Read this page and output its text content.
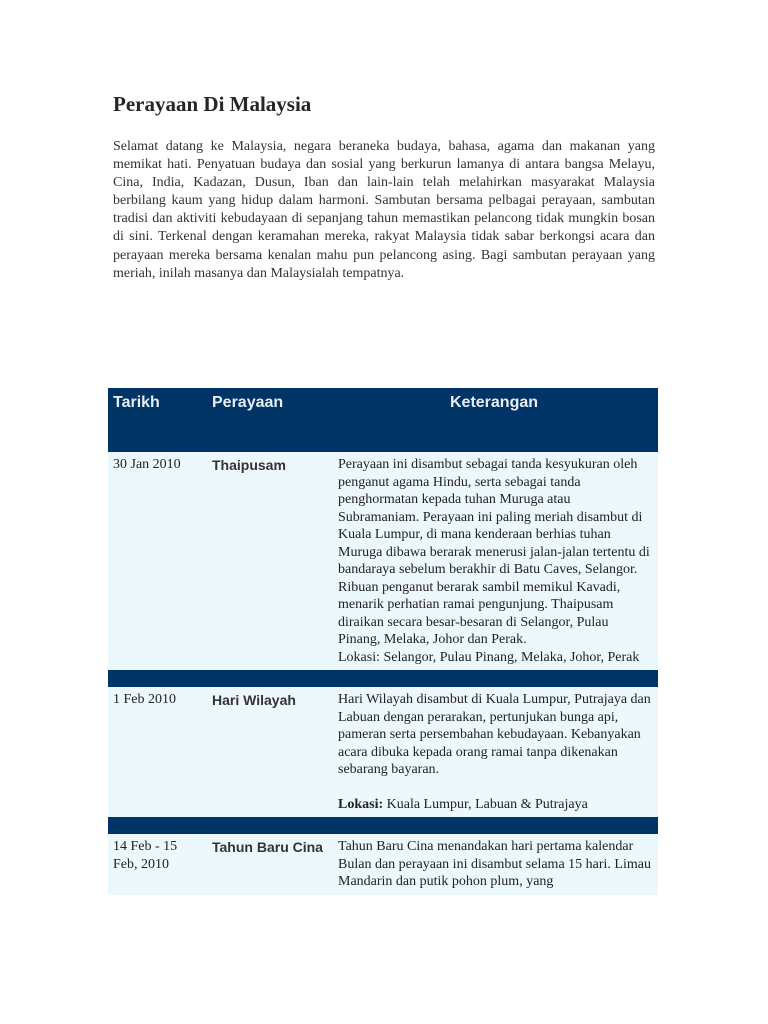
Perayaan Di Malaysia

Selamat datang ke Malaysia, negara beraneka budaya, bahasa, agama dan makanan yang memikat hati. Penyatuan budaya dan sosial yang berkurun lamanya di antara bangsa Melayu, Cina, India, Kadazan, Dusun, Iban dan lain-lain telah melahirkan masyarakat Malaysia berbilang kaum yang hidup dalam harmoni. Sambutan bersama pelbagai perayaan, sambutan tradisi dan aktiviti kebudayaan di sepanjang tahun memastikan pelancong tidak mungkin bosan di sini. Terkenal dengan keramahan mereka, rakyat Malaysia tidak sabar berkongsi acara dan perayaan mereka bersama kenalan mahu pun pelancong asing. Bagi sambutan perayaan yang meriah, inilah masanya dan Malaysialah tempatnya.

Tarikh	Perayaan	Keterangan
30 Jan 2010	Thaipusam	Perayaan ini disambut sebagai tanda kesyukuran oleh penganut agama Hindu, serta sebagai tanda penghormatan kepada tuhan Muruga atau Subramaniam. Perayaan ini paling meriah disambut di Kuala Lumpur, di mana kenderaan berhias tuhan Muruga dibawa berarak menerusi jalan-jalan tertentu di bandaraya sebelum berakhir di Batu Caves, Selangor. Ribuan penganut berarak sambil memikul Kavadi, menarik perhatian ramai pengunjung. Thaipusam diraikan secara besar-besaran di Selangor, Pulau Pinang, Melaka, Johor dan Perak.
Lokasi: Selangor, Pulau Pinang, Melaka, Johor, Perak

1 Feb 2010	Hari Wilayah	Hari Wilayah disambut di Kuala Lumpur, Putrajaya dan Labuan dengan perarakan, pertunjukan bunga api, pameran serta persembahan kebudayaan. Kebanyakan acara dibuka kepada orang ramai tanpa dikenakan sebarang bayaran.
Lokasi: Kuala Lumpur, Labuan & Putrajaya

14 Feb - 15 Feb, 2010	Tahun Baru Cina	Tahun Baru Cina menandakan hari pertama kalendar Bulan dan perayaan ini disambut selama 15 hari. Limau Mandarin dan putik pohon plum, yang
